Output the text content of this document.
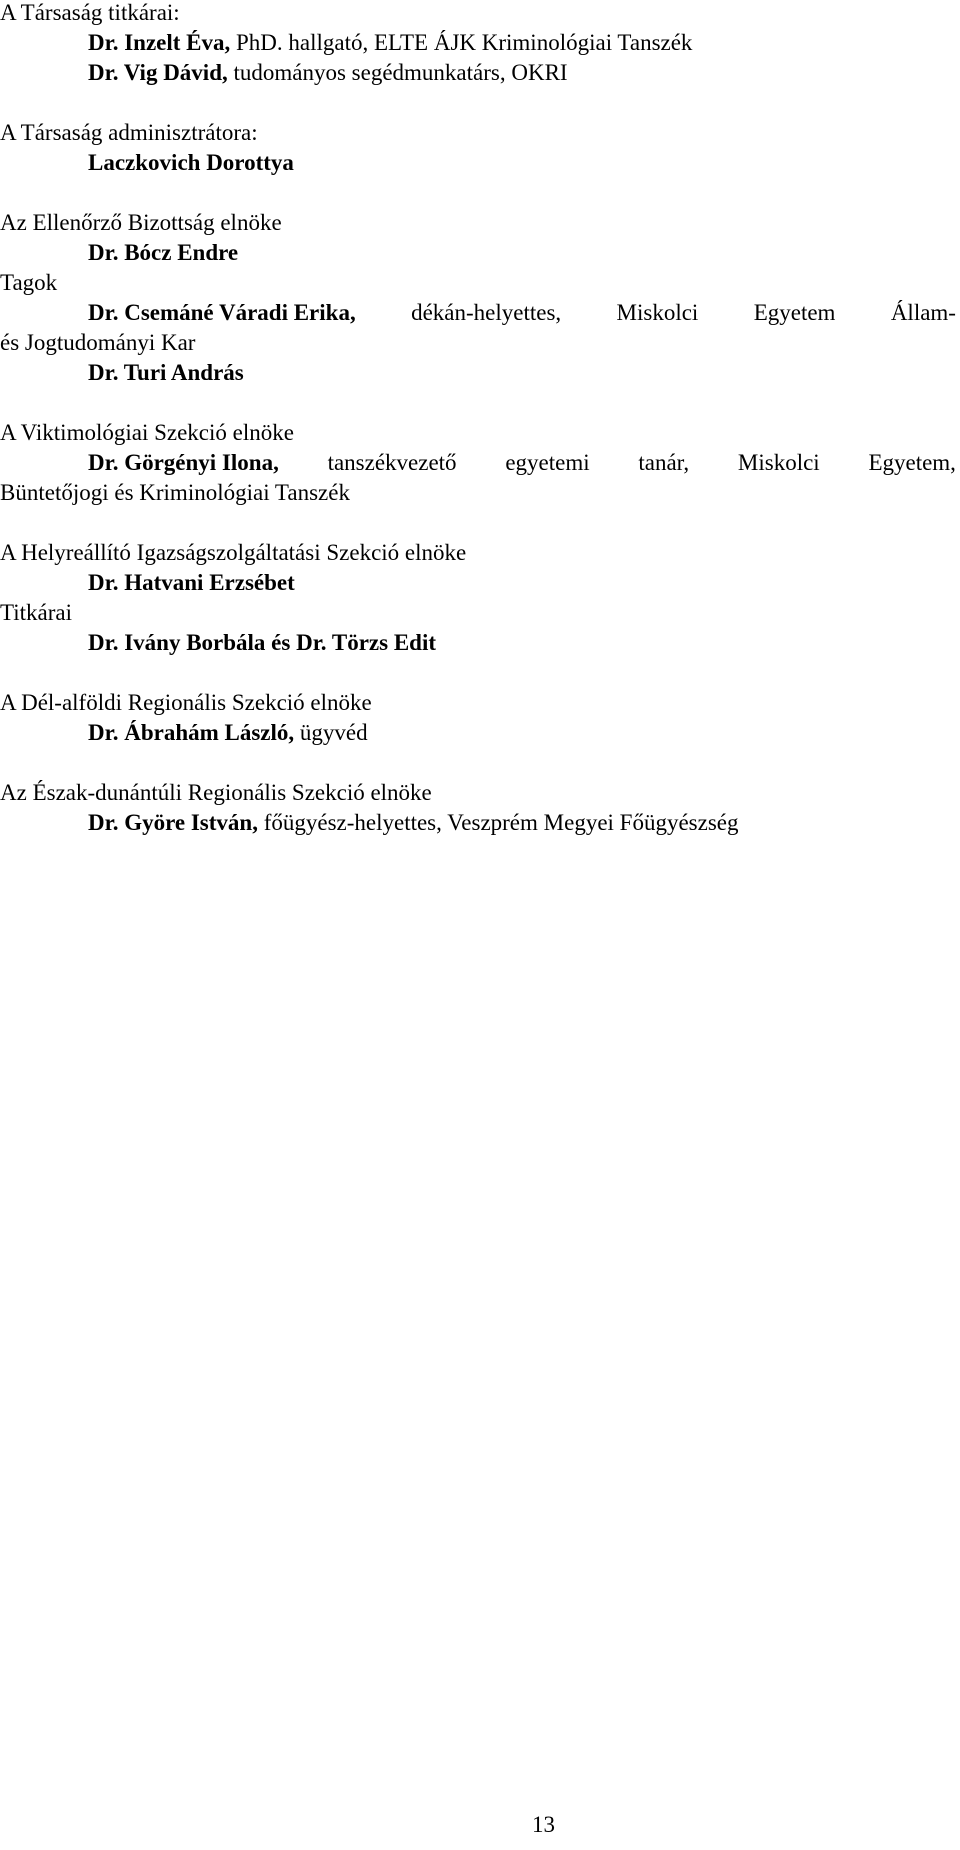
A Társaság titkárai:
Dr. Inzelt Éva, PhD. hallgató, ELTE ÁJK Kriminológiai Tanszék
Dr. Vig Dávid, tudományos segédmunkatárs, OKRI
A Társaság adminisztrátora:
Laczkovich Dorottya
Az Ellenőrző Bizottság elnöke
Dr. Bócz Endre
Tagok
Dr. Csemáné Váradi Erika, dékán-helyettes, Miskolci Egyetem Állam-
és Jogtudományi Kar
Dr. Turi András
A Viktimológiai Szekció elnöke
Dr. Görgényi Ilona, tanszékvezető egyetemi tanár, Miskolci Egyetem,
Büntetőjogi és Kriminológiai Tanszék
A Helyreállító Igazságszolgáltatási Szekció elnöke
Dr. Hatvani Erzsébet
Titkárai
Dr. Ivánу Borbála és Dr. Törzs Edit
A Dél-alföldi Regionális Szekció elnöke
Dr. Ábrahám László, ügyvéd
Az Észak-dunántúli Regionális Szekció elnöke
Dr. Györe István, főügyész-helyettes, Veszprém Megyei Főügyészség
13
